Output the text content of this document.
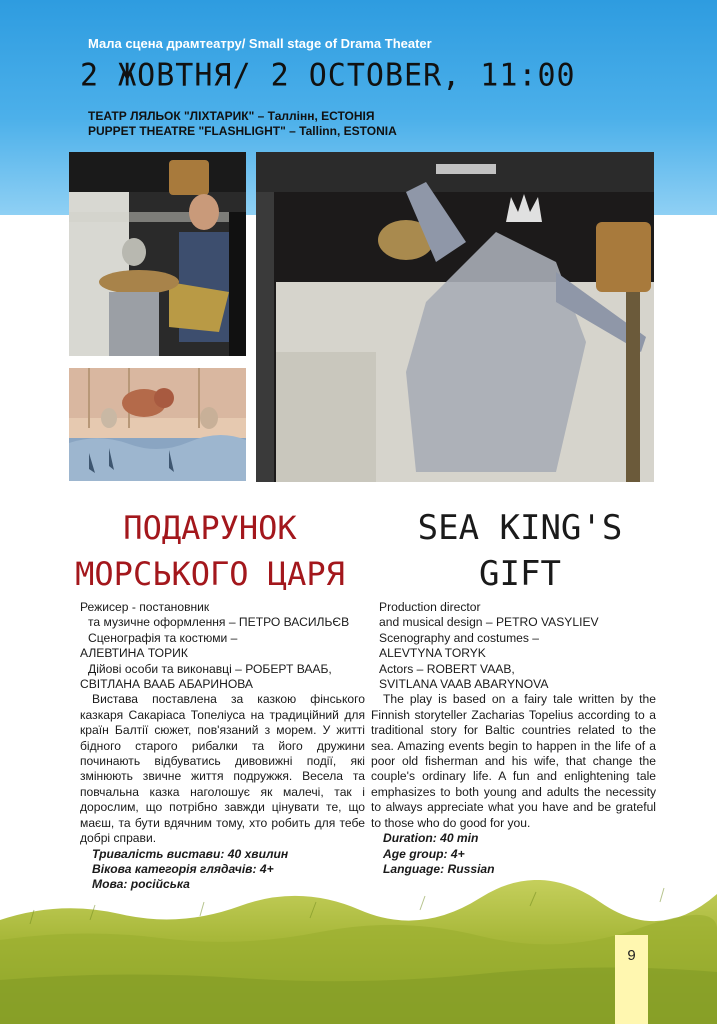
Мала сцена драмтеатру/ Small stage of Drama Theater
2 ЖОВТНЯ/ 2 OCTOBER, 11:00
ТЕАТР ЛЯЛЬОК "ЛІХТАРИК" – Таллінн, ЕСТОНІЯ
PUPPET THEATRE "FLASHLIGHT" – Tallinn, ESTONIA
ПОДАРУНОК
МОРСЬКОГО ЦАРЯ
SEA KING'S
GIFT

Режисер - постановник

та музичне оформлення – ПЕТРО ВАСИЛЬЄВ

Сценографія та костюми –

АЛЕВТИНА ТОРИК

Дійові особи та виконавці – РОБЕРТ ВААБ,

СВІТЛАНА ВААБ АБАРИНОВА

Вистава поставлена за казкою фінського казкаря Сакаріаса Топеліуса на традиційний для країн Балтії сюжет, пов'язаний з морем. У житті бідного старого рибалки та його дружини починають відбуватись дивовижні події, які змінюють звичне життя подружжя. Весела та повчальна казка наголошує як малечі, так і дорослим, що потрібно завжди цінувати те, що маєш, та бути вдячним тому, хто робить для тебе добрі справи.

Тривалість вистави: 40 хвилин

Вікова категорія глядачів: 4+

Мова: російська

Production director

and musical design – PETRO VASYLIEV

Scenography and costumes –

ALEVTYNA TORYK

Actors – ROBERT VAAB,

SVITLANA VAAB ABARYNOVA

The play is based on a fairy tale written by the Finnish storyteller Zacharias Topelius according to a traditional story for Baltic countries related to the sea. Amazing events begin to happen in the life of a poor old fisherman and his wife, that change the couple's ordinary life. A fun and enlightening tale emphasizes to both young and adults the necessity to always appreciate what you have and be grateful to those who do good for you.

Duration: 40 min

Age group: 4+

Language: Russian

9
